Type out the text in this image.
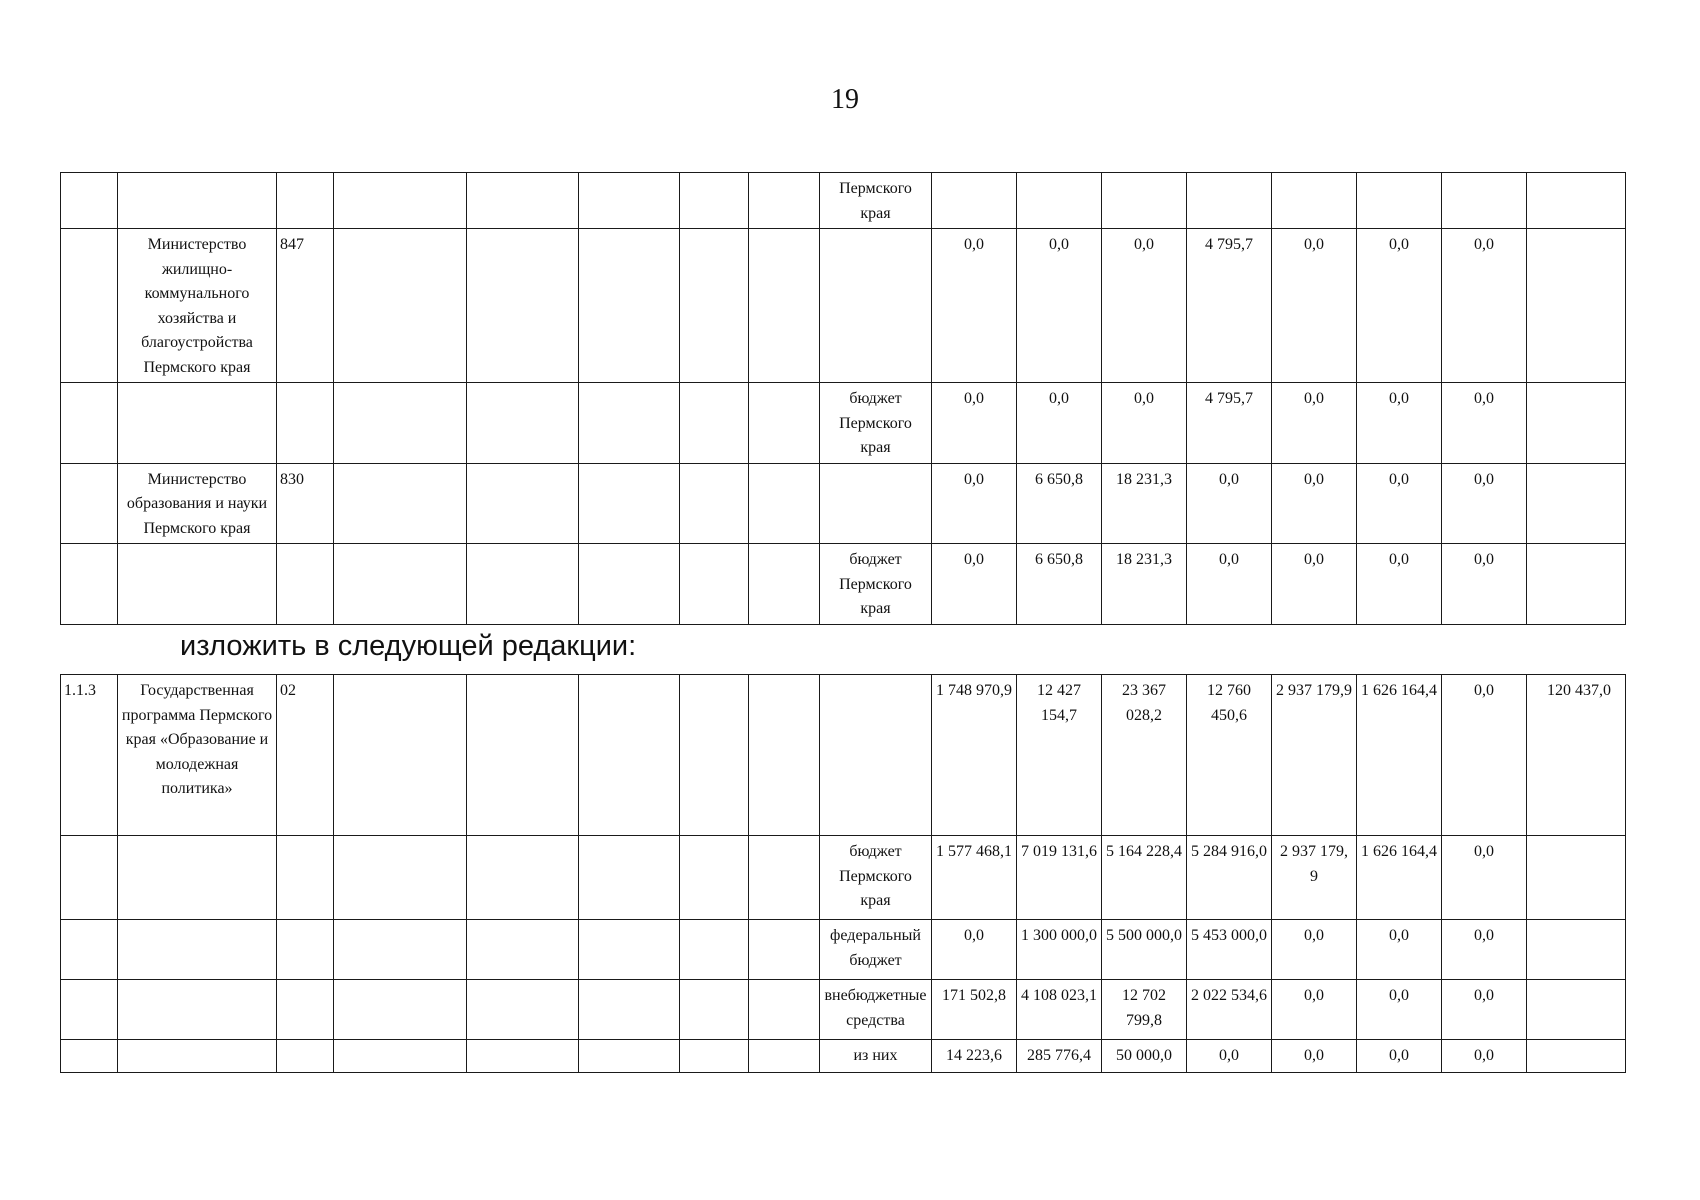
19
								Пермского края								
	Министерство жилищно-коммунального хозяйства и благоустройства Пермского края	847							0,0	0,0	0,0	4 795,7	0,0	0,0	0,0	
								бюджет Пермского края	0,0	0,0	0,0	4 795,7	0,0	0,0	0,0	
	Министерство образования и науки Пермского края	830							0,0	6 650,8	18 231,3	0,0	0,0	0,0	0,0	
								бюджет Пермского края	0,0	6 650,8	18 231,3	0,0	0,0	0,0	0,0	
изложить в следующей редакции:
1.1.3	Государственная программа Пермского края «Образование и молодежная политика»	02							1 748 970,9	12 427 154,7	23 367 028,2	12 760 450,6	2 937 179,9	1 626 164,4	0,0	120 437,0
								бюджет Пермского края	1 577 468,1	7 019 131,6	5 164 228,4	5 284 916,0	2 937 179, 9	1 626 164,4	0,0	
								федеральный бюджет	0,0	1 300 000,0	5 500 000,0	5 453 000,0	0,0	0,0	0,0	
								внебюджетные средства	171 502,8	4 108 023,1	12 702 799,8	2 022 534,6	0,0	0,0	0,0	
								из них	14 223,6	285 776,4	50 000,0	0,0	0,0	0,0	0,0	
